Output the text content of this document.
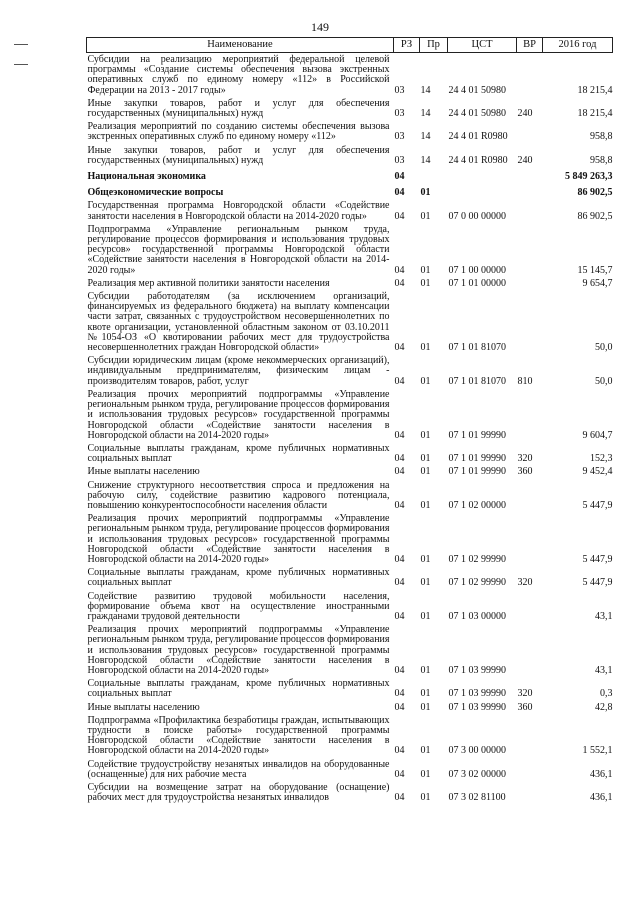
149
Наименование	РЗ	Пр	ЦСТ	ВР	2016 год
Субсидии на реализацию мероприятий федеральной целевой программы «Создание системы обеспечения вызова экстренных оперативных служб по единому номеру «112» в Российской Федерации на 2013 - 2017 годы»	03	14	24 4 01 50980		18 215,4
Иные закупки товаров, работ и услуг для обеспечения государственных (муниципальных) нужд	03	14	24 4 01 50980	240	18 215,4
Реализация мероприятий по созданию системы обеспечения вызова экстренных оперативных служб по единому номеру «112»	03	14	24 4 01 R0980		958,8
Иные закупки товаров, работ и услуг для обеспечения государственных (муниципальных) нужд	03	14	24 4 01 R0980	240	958,8
Национальная экономика	04				5 849 263,3
Общеэкономические вопросы	04	01			86 902,5
Государственная программа Новгородской области «Содействие занятости населения в Новгородской области на 2014-2020 годы»	04	01	07 0 00 00000		86 902,5
Подпрограмма «Управление региональным рынком труда, регулирование процессов формирования и использования трудовых ресурсов» государственной программы Новгородской области «Содействие занятости населения в Новгородской области на 2014-2020 годы»	04	01	07 1 00 00000		15 145,7
Реализация мер активной политики занятости населения	04	01	07 1 01 00000		9 654,7
Субсидии работодателям (за исключением организаций, финансируемых из федерального бюджета) на выплату компенсации части затрат, связанных с трудоустройством несовершеннолетних по квоте организации, установленной областным законом от 03.10.2011 №1054-ОЗ «О квотировании рабочих мест для трудоустройства несовершеннолетних граждан Новгородской области»	04	01	07 1 01 81070		50,0
Субсидии юридическим лицам (кроме некоммерческих организаций), индивидуальным предпринимателям, физическим лицам - производителям товаров, работ, услуг	04	01	07 1 01 81070	810	50,0
Реализация прочих мероприятий подпрограммы «Управление региональным рынком труда, регулирование процессов формирования и использования трудовых ресурсов» государственной программы Новгородской области «Содействие занятости населения в Новгородской области на 2014-2020 годы»	04	01	07 1 01 99990		9 604,7
Социальные выплаты гражданам, кроме публичных нормативных социальных выплат	04	01	07 1 01 99990	320	152,3
Иные выплаты населению	04	01	07 1 01 99990	360	9 452,4
Снижение структурного несоответствия спроса и предложения на рабочую силу, содействие развитию кадрового потенциала, повышению конкурентоспособности населения области	04	01	07 1 02 00000		5 447,9
Реализация прочих мероприятий подпрограммы «Управление региональным рынком труда, регулирование процессов формирования и использования трудовых ресурсов» государственной программы Новгородской области «Содействие занятости населения в Новгородской области на 2014-2020 годы»	04	01	07 1 02 99990		5 447,9
Социальные выплаты гражданам, кроме публичных нормативных социальных выплат	04	01	07 1 02 99990	320	5 447,9
Содействие развитию трудовой мобильности населения, формирование объема квот на осуществление иностранными гражданами трудовой деятельности	04	01	07 1 03 00000		43,1
Реализация прочих мероприятий подпрограммы «Управление региональным рынком труда, регулирование процессов формирования и использования трудовых ресурсов» государственной программы Новгородской области «Содействие занятости населения в Новгородской области на 2014-2020 годы»	04	01	07 1 03 99990		43,1
Социальные выплаты гражданам, кроме публичных нормативных социальных выплат	04	01	07 1 03 99990	320	0,3
Иные выплаты населению	04	01	07 1 03 99990	360	42,8
Подпрограмма «Профилактика безработицы граждан, испытывающих трудности в поиске работы» государственной программы Новгородской области «Содействие занятости населения в Новгородской области на 2014-2020 годы»	04	01	07 3 00 00000		1 552,1
Содействие трудоустройству незанятых инвалидов на оборудованные (оснащенные) для них рабочие места	04	01	07 3 02 00000		436,1
Субсидии на возмещение затрат на оборудование (оснащение) рабочих мест для трудоустройства незанятых инвалидов	04	01	07 3 02 81100		436,1
